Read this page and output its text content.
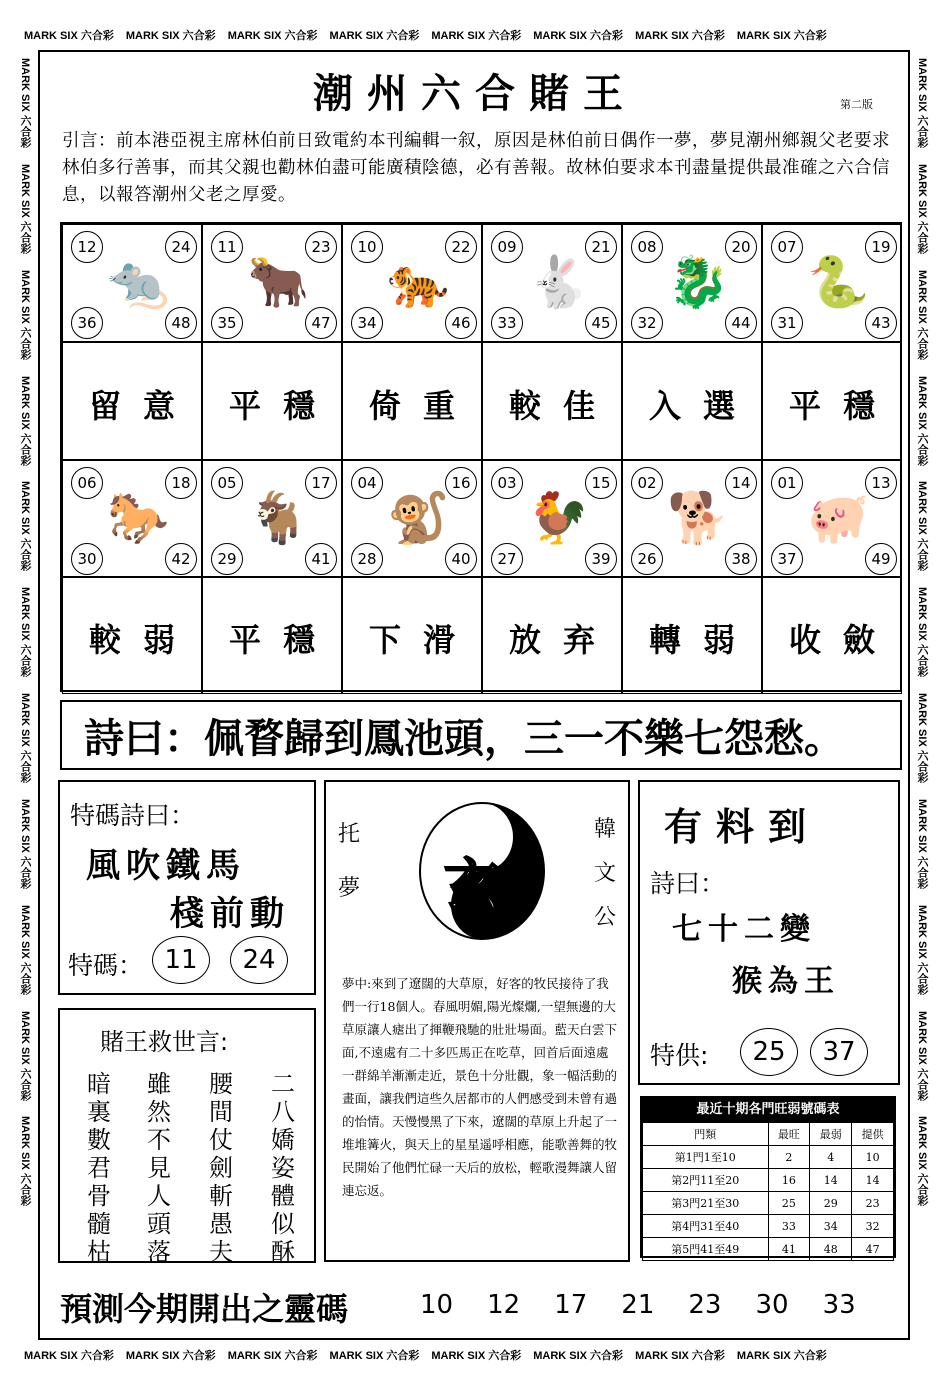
MARK SIX 六合彩	MARK SIX 六合彩	MARK SIX 六合彩	MARK SIX 六合彩	MARK SIX 六合彩	MARK SIX 六合彩	MARK SIX 六合彩	MARK SIX 六合彩
MARK SIX 六合彩	MARK SIX 六合彩	MARK SIX 六合彩	MARK SIX 六合彩	MARK SIX 六合彩	MARK SIX 六合彩	MARK SIX 六合彩	MARK SIX 六合彩
MARK SIX 六合彩
MARK SIX 六合彩
MARK SIX 六合彩
MARK SIX 六合彩
MARK SIX 六合彩
MARK SIX 六合彩
MARK SIX 六合彩
MARK SIX 六合彩
MARK SIX 六合彩
MARK SIX 六合彩
MARK SIX 六合彩
MARK SIX 六合彩
MARK SIX 六合彩
MARK SIX 六合彩
MARK SIX 六合彩
MARK SIX 六合彩
MARK SIX 六合彩
MARK SIX 六合彩
MARK SIX 六合彩
MARK SIX 六合彩
MARK SIX 六合彩
MARK SIX 六合彩
潮州六合賭王	第二版
引言：前本港亞視主席林伯前日致電約本刊編輯一叙，原因是林伯前日偶作一夢，夢見潮州鄉親父老要求林伯多行善事，而其父親也勸林伯盡可能廣積陰德，必有善報。故林伯要求本刊盡量提供最准確之六合信息，以報答潮州父老之厚愛。
12	24
36	48
🐀
留意
11	23
35	47
🐂
平穩
10	22
34	46
🐅
倚重
09	21
33	45
🐇
較佳
08	20
32	44
🐉
入選
07	19
31	43
🐍
平穩
06	18
30	42
🐎
較弱
05	17
29	41
🐐
平穩
04	16
28	40
🐒
下滑
03	15
27	39
🐓
放弃
02	14
26	38
🐕
轉弱
01	13
37	49
🐖
收斂
詩曰：佩瞀歸到鳳池頭，三一不樂七怨愁。
特碼詩曰：
風吹鐵馬
棧前動
特碼： 11	24
賭王救世言:
二八嬌姿體似酥
腰間仗劍斬愚夫
雖然不見人頭落
暗裏數君骨髓枯
托夢
韓文公
玄
夢中:來到了遼闊的大草原，好客的牧民接待了我們一行18個人。春風明媚,陽光燦爛,一望無邊的大草原讓人瘧出了揮鞭飛馳的壯壯場面。藍天白雲下面,不遠處有二十多匹馬正在吃草，回首后面遠處一群綿羊漸漸走近，景色十分壯觀，象一幅活動的畫面，讓我們這些久居都市的人們感受到未曾有過的怡情。天慢慢黑了下來，遼闊的草原上升起了一堆堆篝火，與天上的星星遥呼相應，能歌善舞的牧民開始了他們忙碌一天后的放松，輕歌漫舞讓人留連忘返。
有料到
詩曰：
七十二變
猴為王
特供:	25	37
最近十期各門旺弱號碼表
門類	最旺	最弱	提供
第1門1至10	2	4	10
第2門11至20	16	14	14
第3門21至30	25	29	23
第4門31至40	33	34	32
第5門41至49	41	48	47
預測今期開出之靈碼	10 12 17 21 23 30 33
